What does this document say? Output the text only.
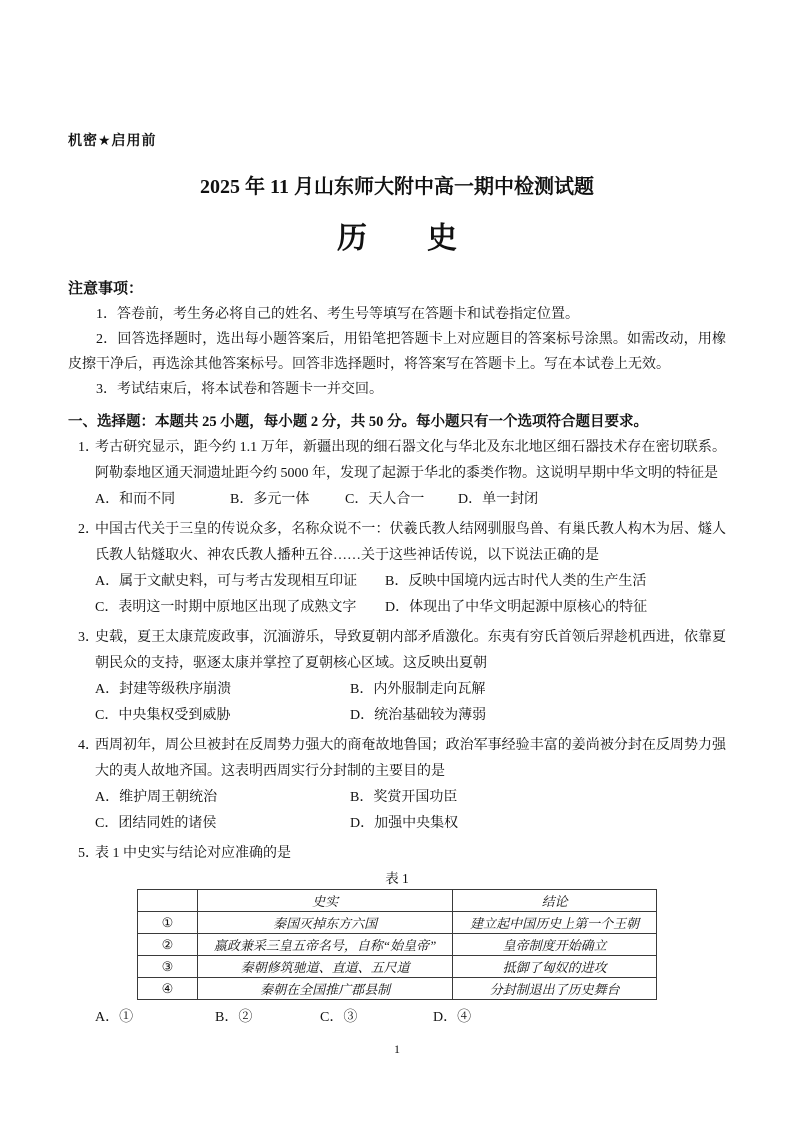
机密★启用前
2025 年 11 月山东师大附中高一期中检测试题
历　　史
注意事项：

1．答卷前，考生务必将自己的姓名、考生号等填写在答题卡和试卷指定位置。

2．回答选择题时，选出每小题答案后，用铅笔把答题卡上对应题目的答案标号涂黑。如需改动，用橡皮擦干净后，再选涂其他答案标号。回答非选择题时，将答案写在答题卡上。写在本试卷上无效。

3．考试结束后，将本试卷和答题卡一并交回。

一、选择题：本题共 25 小题，每小题 2 分，共 50 分。每小题只有一个选项符合题目要求。
1．

考古研究显示，距今约 1.1 万年，新疆出现的细石器文化与华北及东北地区细石器技术存在密切联系。阿勒泰地区通天洞遗址距今约 5000 年，发现了起源于华北的黍类作物。这说明早期中华文明的特征是

A．和而不同	B．多元一体	C．天人合一	D．单一封闭
2．

中国古代关于三皇的传说众多，名称众说不一：伏羲氏教人结网驯服鸟兽、有巢氏教人构木为居、燧人氏教人钻燧取火、神农氏教人播种五谷……关于这些神话传说，以下说法正确的是

A．属于文献史料，可与考古发现相互印证	B．反映中国境内远古时代人类的生产生活
C．表明这一时期中原地区出现了成熟文字	D．体现出了中华文明起源中原核心的特征
3．

史载，夏王太康荒废政事，沉湎游乐，导致夏朝内部矛盾激化。东夷有穷氏首领后羿趁机西进，依靠夏朝民众的支持，驱逐太康并掌控了夏朝核心区域。这反映出夏朝

A．封建等级秩序崩溃	B．内外服制走向瓦解
C．中央集权受到威胁	D．统治基础较为薄弱
4．

西周初年，周公旦被封在反周势力强大的商奄故地鲁国；政治军事经验丰富的姜尚被分封在反周势力强大的夷人故地齐国。这表明西周实行分封制的主要目的是

A．维护周王朝统治	B．奖赏开国功臣
C．团结同姓的诸侯	D．加强中央集权
5．

表 1 中史实与结论对应准确的是

表 1
	史实	结论
①	秦国灭掉东方六国	建立起中国历史上第一个王朝
②	嬴政兼采三皇五帝名号，自称“始皇帝”	皇帝制度开始确立
③	秦朝修筑驰道、直道、五尺道	抵御了匈奴的进攻
④	秦朝在全国推广郡县制	分封制退出了历史舞台
A．①	B．②	C．③	D．④
1
